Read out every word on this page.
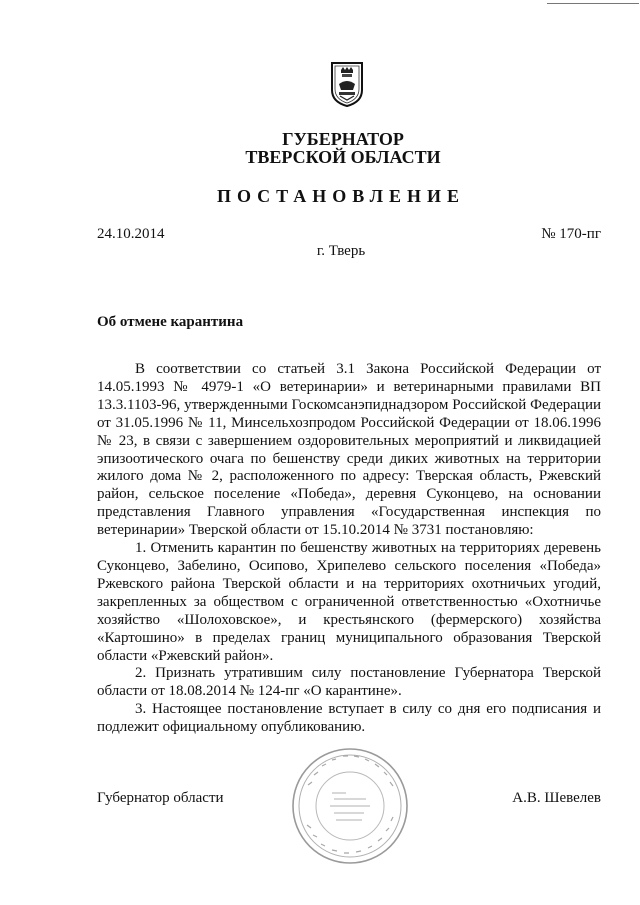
ГУБЕРНАТОР
ТВЕРСКОЙ ОБЛАСТИ
ПОСТАНОВЛЕНИЕ
24.10.2014	№ 170-пг
г. Тверь
Об отмене карантина

В соответствии со статьей 3.1 Закона Российской Федерации от 14.05.1993 № 4979-1 «О ветеринарии» и ветеринарными правилами ВП 13.3.1103-96, утвержденными Госкомсанэпиднадзором Российской Федерации от 31.05.1996 № 11, Минсельхозпродом Российской Федерации от 18.06.1996 № 23, в связи с завершением оздоровительных мероприятий и ликвидацией эпизоотического очага по бешенству среди диких животных на территории жилого дома № 2, расположенного по адресу: Тверская область, Ржевский район, сельское поселение «Победа», деревня Суконцево, на основании представления Главного управления «Государственная инспекция по ветеринарии» Тверской области от 15.10.2014 № 3731 постановляю:

1. Отменить карантин по бешенству животных на территориях деревень Суконцево, Забелино, Осипово, Хрипелево сельского поселения «Победа» Ржевского района Тверской области и на территориях охотничьих угодий, закрепленных за обществом с ограниченной ответственностью «Охотничье хозяйство «Шолоховское», и крестьянского (фермерского) хозяйства «Картошино» в пределах границ муниципального образования Тверской области «Ржевский район».

2. Признать утратившим силу постановление Губернатора Тверской области от 18.08.2014 № 124-пг «О карантине».

3. Настоящее постановление вступает в силу со дня его подписания и подлежит официальному опубликованию.

Губернатор области	А.В. Шевелев
